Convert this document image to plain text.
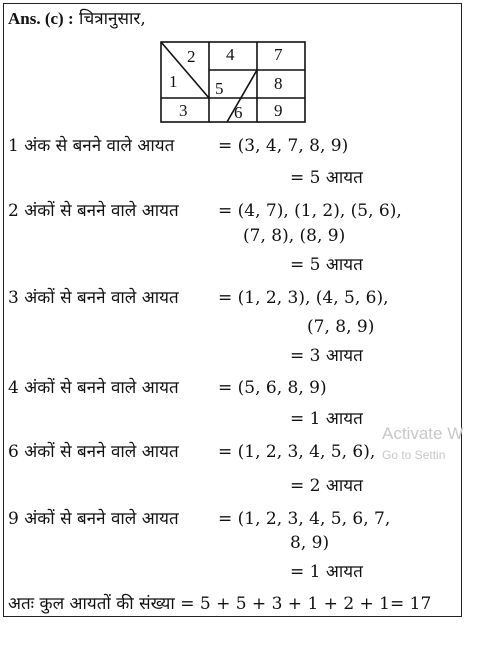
Ans. (c) : चित्रानुसार,
1
2
3
4
5
6
7
8
9
1 अंक से बनने वाले आयत	= (3, 4, 7, 8, 9)
= 5 आयत
2 अंकों से बनने वाले आयत = (4, 7), (1, 2), (5, 6),
(7, 8), (8, 9)
= 5 आयत
3 अंकों से बनने वाले आयत = (1, 2, 3), (4, 5, 6),
(7, 8, 9)
= 3 आयत
4 अंकों से बनने वाले आयत = (5, 6, 8, 9)
= 1 आयत
6 अंकों से बनने वाले आयत = (1, 2, 3, 4, 5, 6),
= 2 आयत
9 अंकों से बनने वाले आयत = (1, 2, 3, 4, 5, 6, 7,
8, 9)
= 1 आयत
अतः कुल आयतों की संख्या = 5 + 5 + 3 + 1 + 2 + 1= 17
Activate W
Go to Settin
